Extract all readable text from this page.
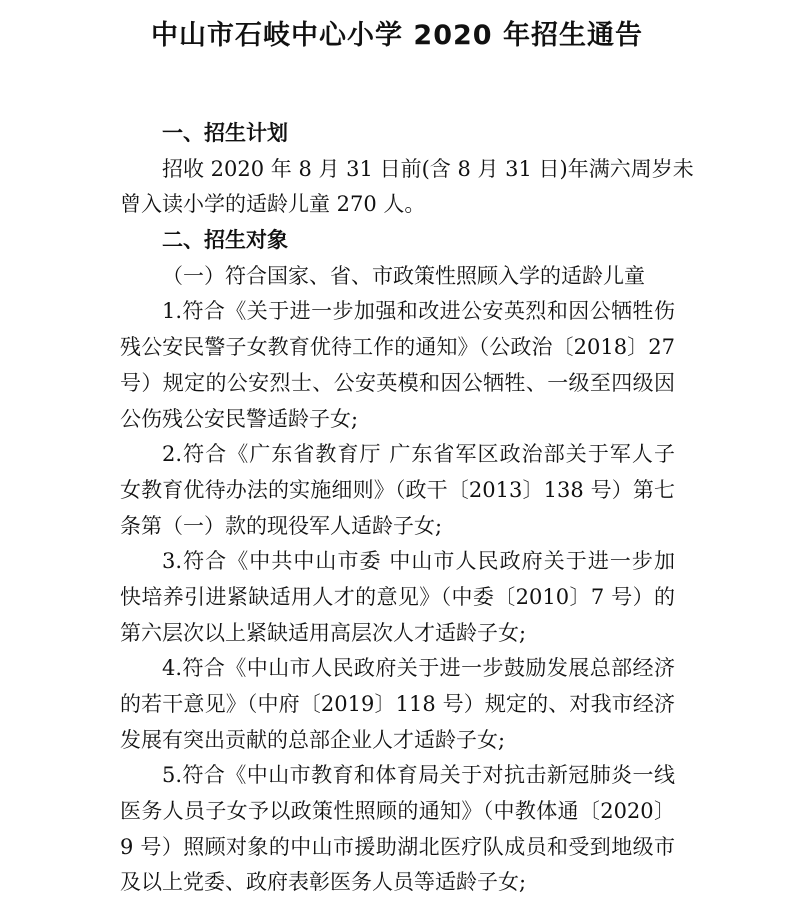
中山市石岐中心小学 2020 年招生通告

一、招生计划

招收 2020 年 8 月 31 日前(含 8 月 31 日)年满六周岁未

曾入读小学的适龄儿童 270 人。

二、招生对象

（一）符合国家、省、市政策性照顾入学的适龄儿童

1.符合《关于进一步加强和改进公安英烈和因公牺牲伤

残公安民警子女教育优待工作的通知》（公政治〔2018〕27

号）规定的公安烈士、公安英模和因公牺牲、一级至四级因

公伤残公安民警适龄子女;

2.符合《广东省教育厅 广东省军区政治部关于军人子

女教育优待办法的实施细则》（政干〔2013〕138 号）第七

条第（一）款的现役军人适龄子女;

3.符合《中共中山市委 中山市人民政府关于进一步加

快培养引进紧缺适用人才的意见》（中委〔2010〕7 号）的

第六层次以上紧缺适用高层次人才适龄子女;

4.符合《中山市人民政府关于进一步鼓励发展总部经济

的若干意见》（中府〔2019〕118 号）规定的、对我市经济

发展有突出贡献的总部企业人才适龄子女;

5.符合《中山市教育和体育局关于对抗击新冠肺炎一线

医务人员子女予以政策性照顾的通知》（中教体通〔2020〕

9 号）照顾对象的中山市援助湖北医疗队成员和受到地级市

及以上党委、政府表彰医务人员等适龄子女;
